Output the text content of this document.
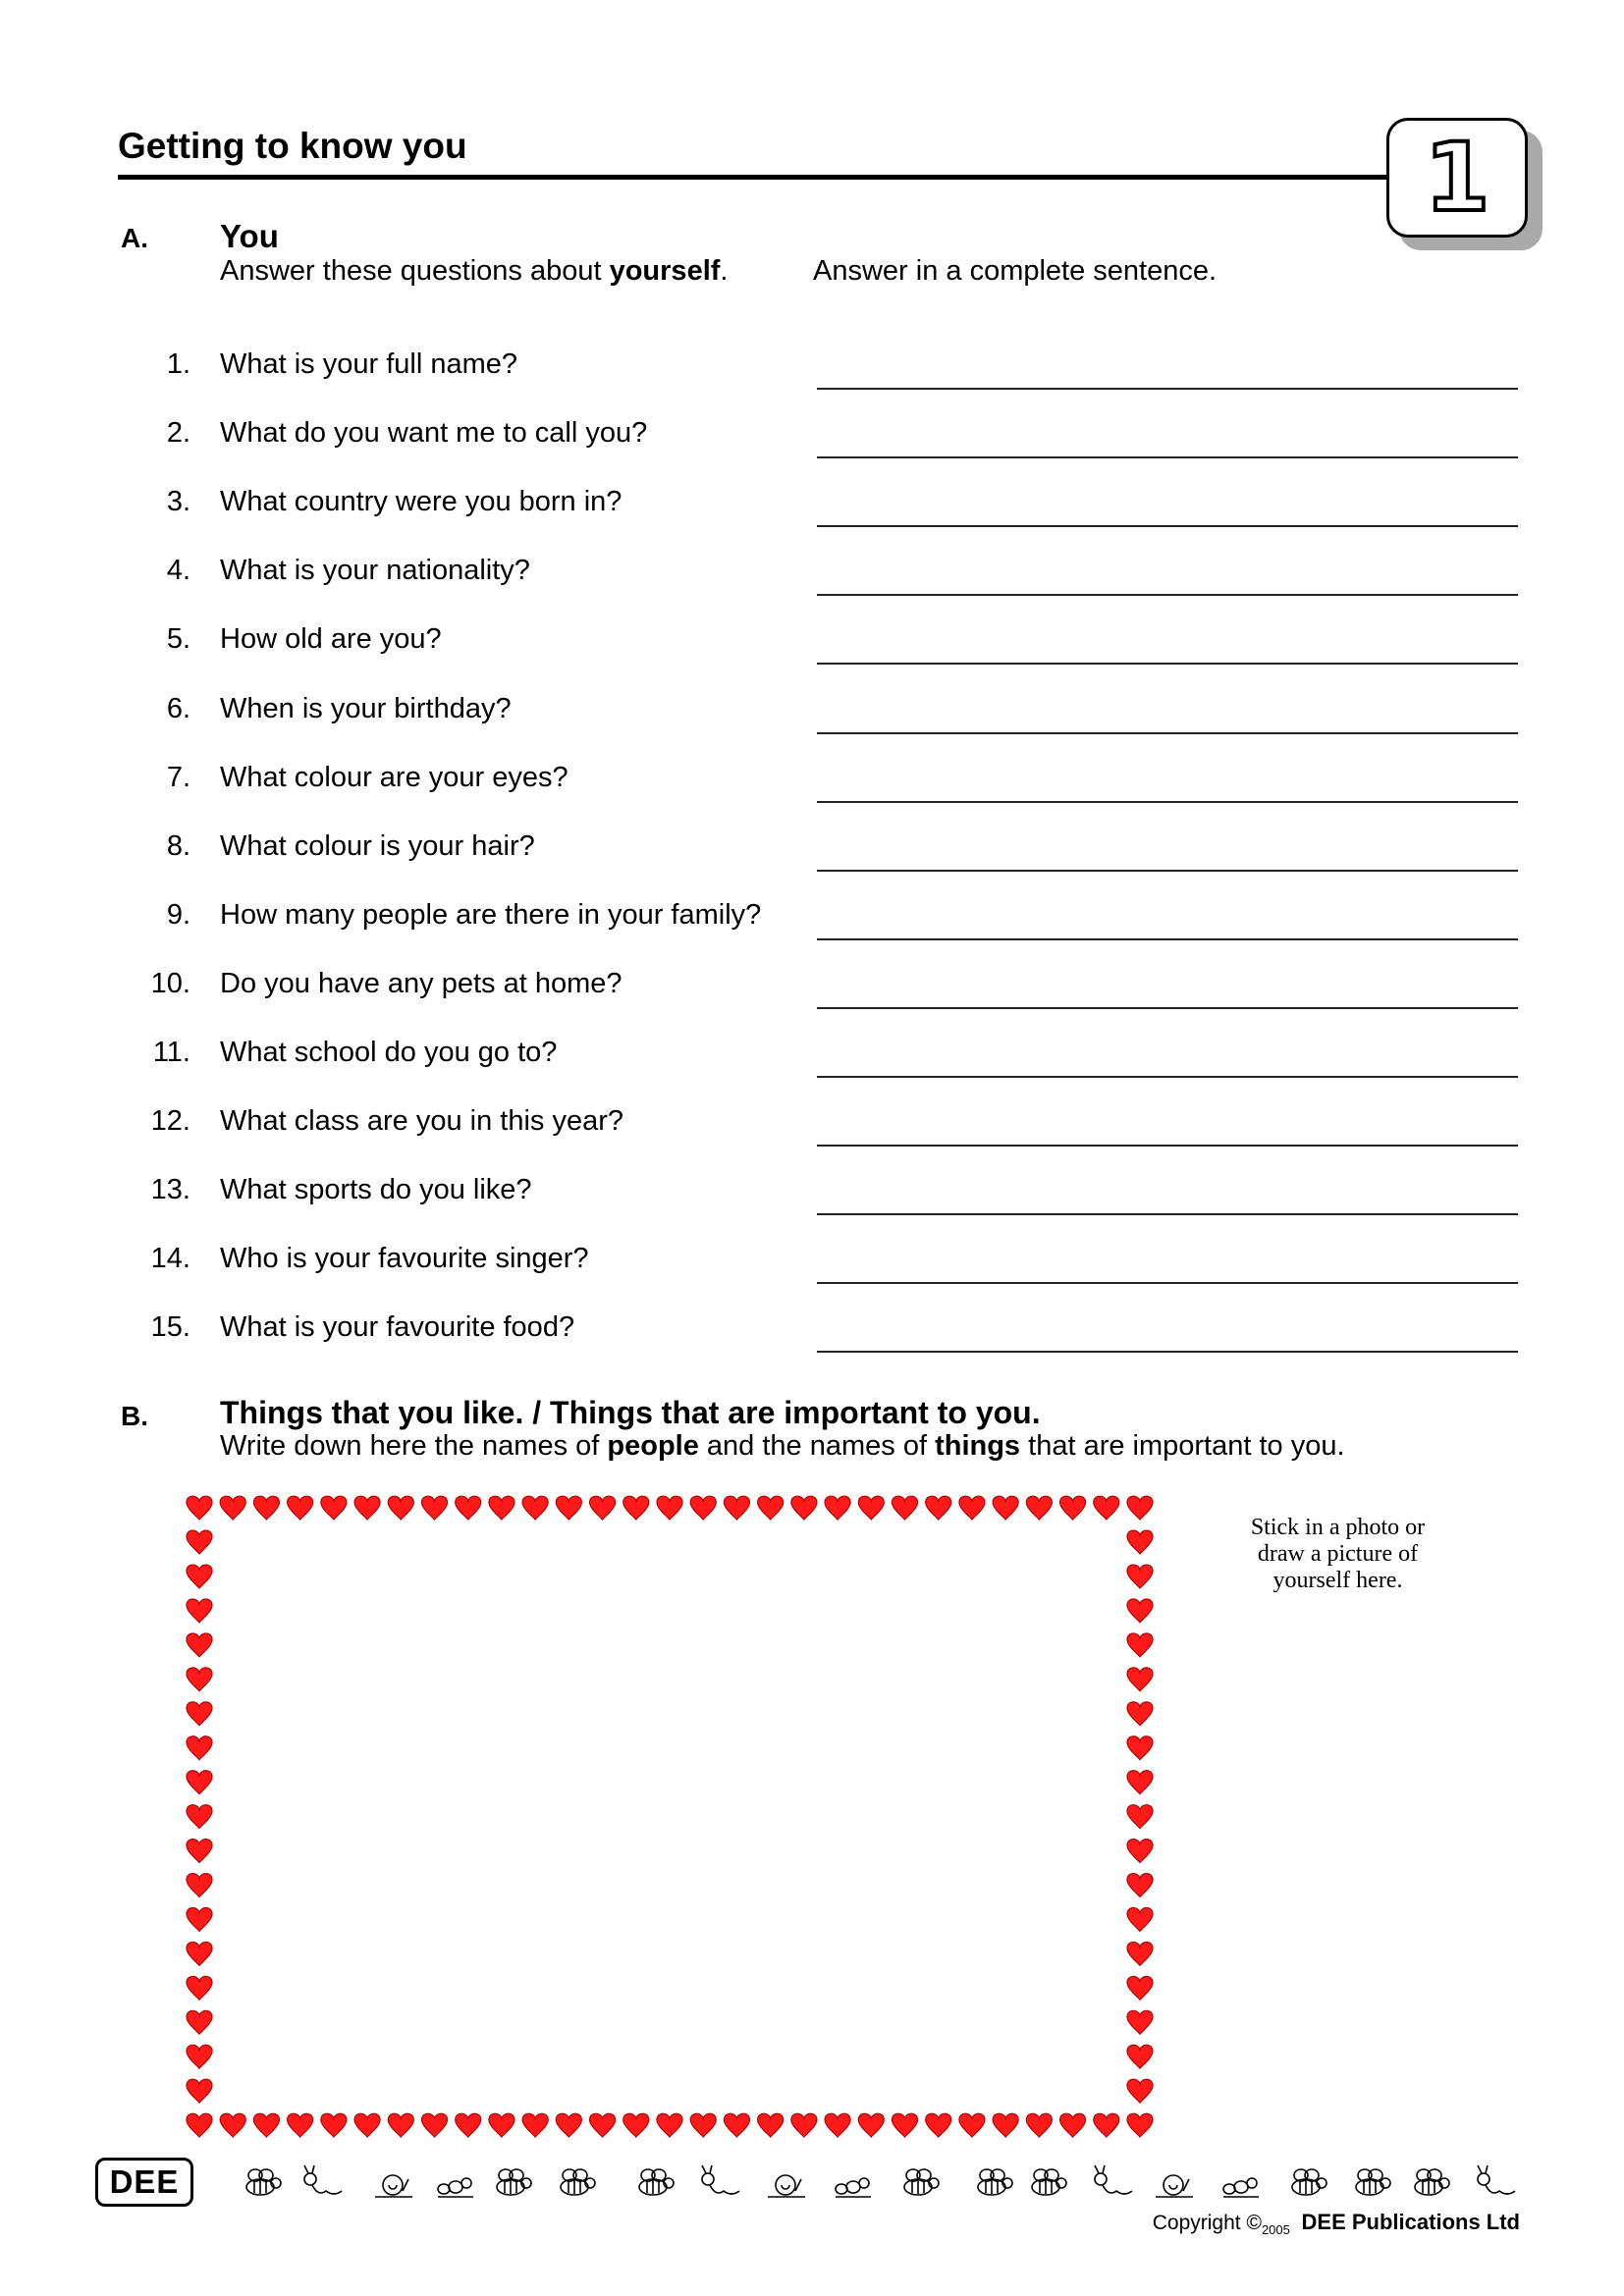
Getting to know you	1
A. You
Answer these questions about yourself.	Answer in a complete sentence.
1. What is your full name?
2. What do you want me to call you?
3. What country were you born in?
4. What is your nationality?
5. How old are you?
6. When is your birthday?
7. What colour are your eyes?
8. What colour is your hair?
9. How many people are there in your family?
10. Do you have any pets at home?
11. What school do you go to?
12. What class are you in this year?
13. What sports do you like?
14. Who is your favourite singer?
15. What is your favourite food?
B. Things that you like. / Things that are important to you.
Write down here the names of people and the names of things that are important to you.
Stick in a photo or draw a picture of yourself here.
DEE
Copyright $©_{2005}$ DEE Publications Ltd
